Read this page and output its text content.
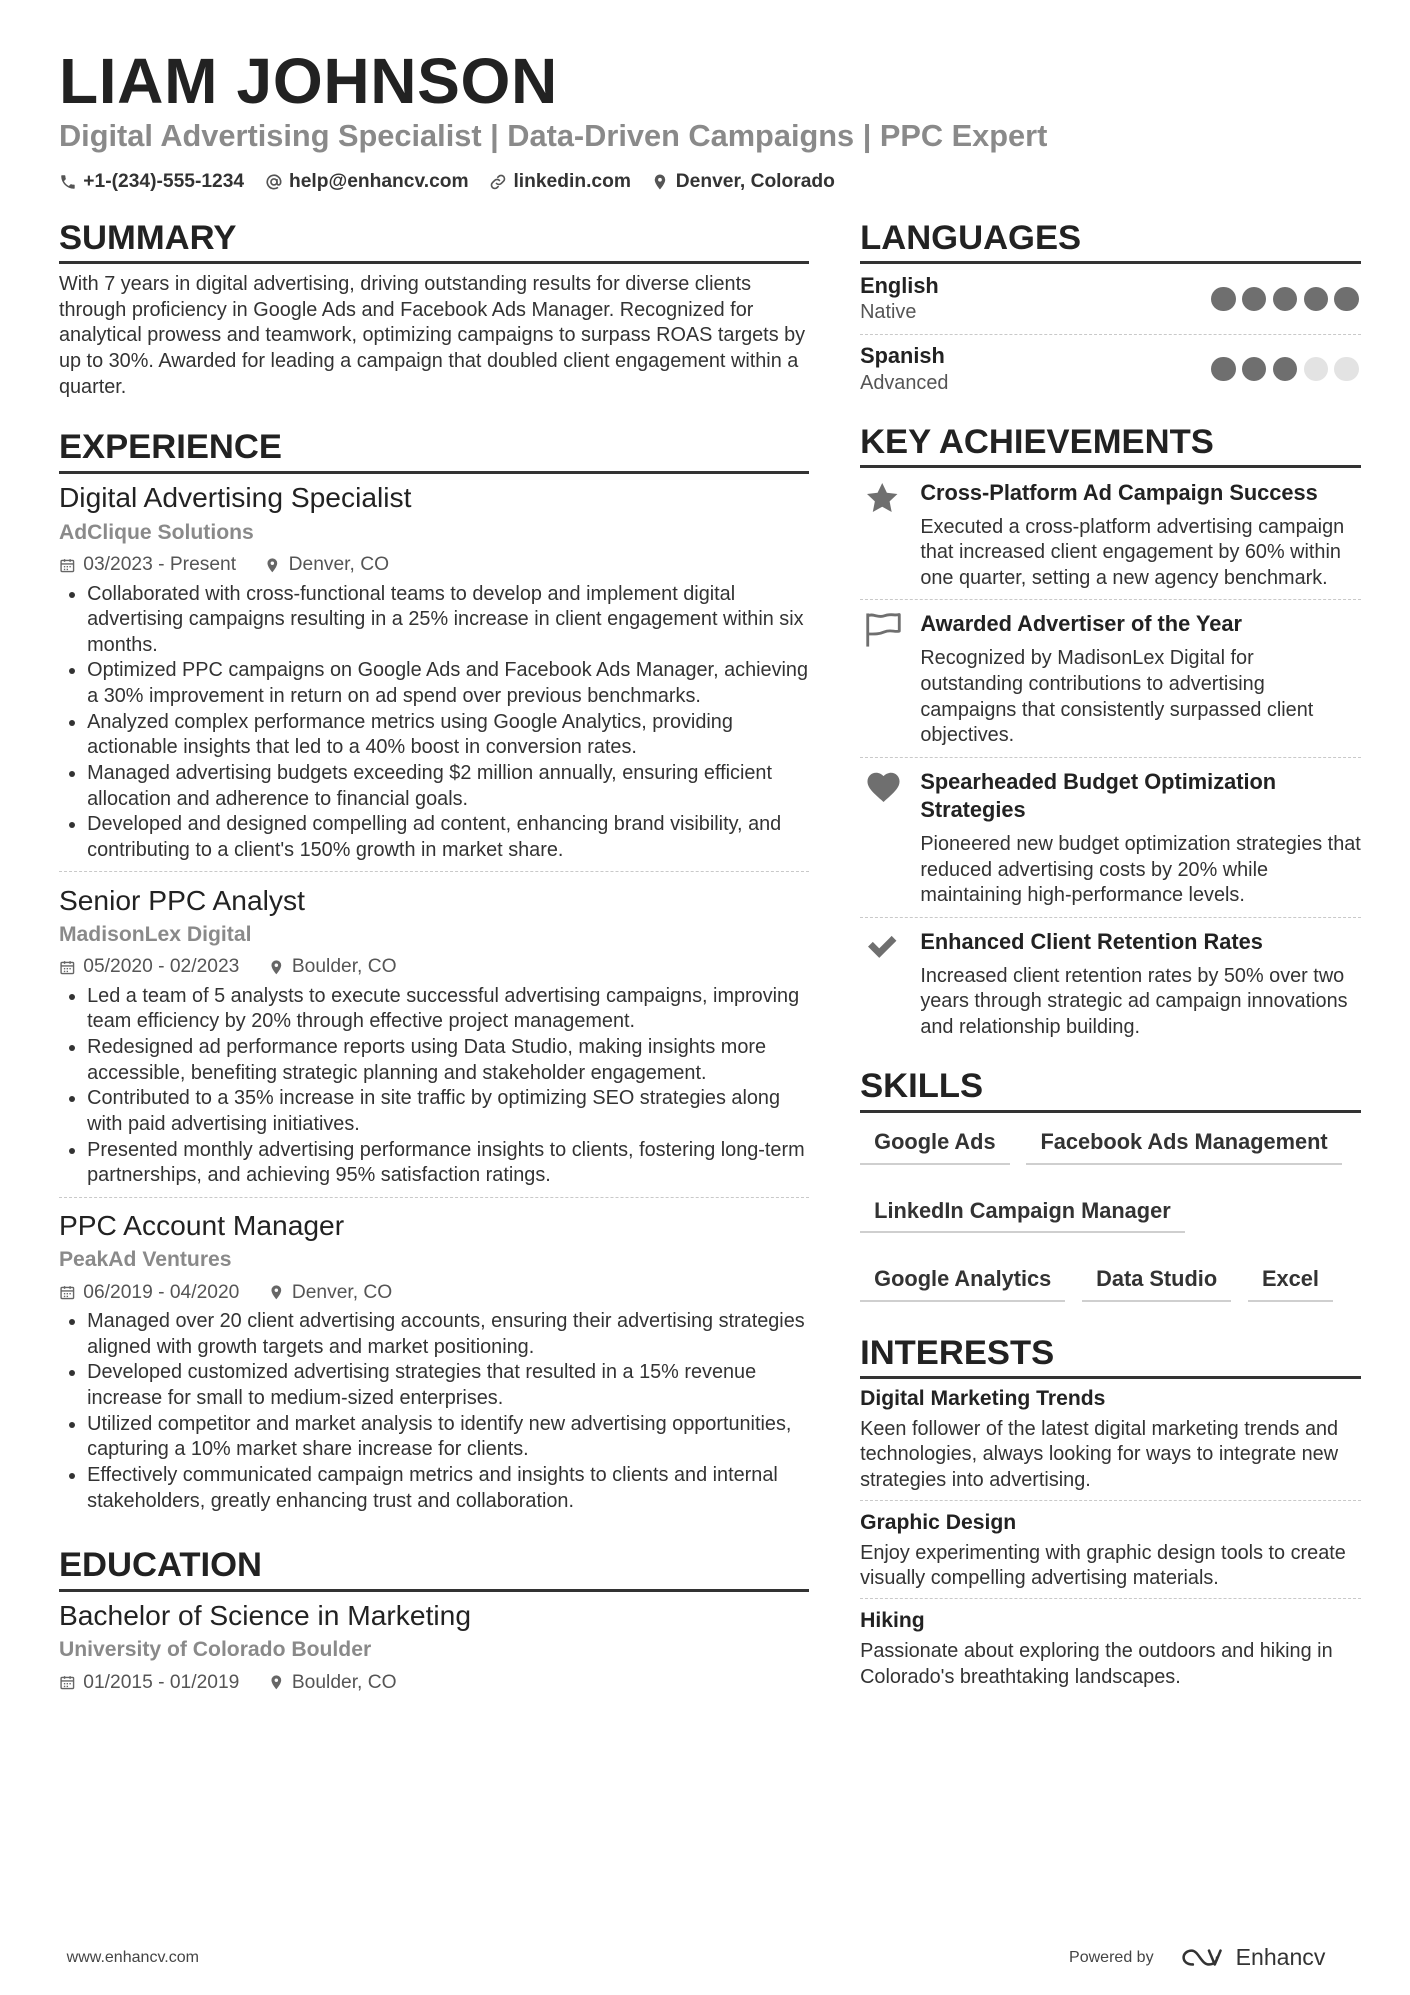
LIAM JOHNSON
Digital Advertising Specialist | Data-Driven Campaigns | PPC Expert
+1-(234)-555-1234	help@enhancv.com	linkedin.com	Denver, Colorado
SUMMARY
With 7 years in digital advertising, driving outstanding results for diverse clients through proficiency in Google Ads and Facebook Ads Manager. Recognized for analytical prowess and teamwork, optimizing campaigns to surpass ROAS targets by up to 30%. Awarded for leading a campaign that doubled client engagement within a quarter.
EXPERIENCE
Digital Advertising Specialist
AdClique Solutions
03/2023 - Present	Denver, CO
• Collaborated with cross-functional teams to develop and implement digital advertising campaigns resulting in a 25% increase in client engagement within six months.
• Optimized PPC campaigns on Google Ads and Facebook Ads Manager, achieving a 30% improvement in return on ad spend over previous benchmarks.
• Analyzed complex performance metrics using Google Analytics, providing actionable insights that led to a 40% boost in conversion rates.
• Managed advertising budgets exceeding $2 million annually, ensuring efficient allocation and adherence to financial goals.
• Developed and designed compelling ad content, enhancing brand visibility, and contributing to a client's 150% growth in market share.
Senior PPC Analyst
MadisonLex Digital
05/2020 - 02/2023	Boulder, CO
• Led a team of 5 analysts to execute successful advertising campaigns, improving team efficiency by 20% through effective project management.
• Redesigned ad performance reports using Data Studio, making insights more accessible, benefiting strategic planning and stakeholder engagement.
• Contributed to a 35% increase in site traffic by optimizing SEO strategies along with paid advertising initiatives.
• Presented monthly advertising performance insights to clients, fostering long-term partnerships, and achieving 95% satisfaction ratings.
PPC Account Manager
PeakAd Ventures
06/2019 - 04/2020	Denver, CO
• Managed over 20 client advertising accounts, ensuring their advertising strategies aligned with growth targets and market positioning.
• Developed customized advertising strategies that resulted in a 15% revenue increase for small to medium-sized enterprises.
• Utilized competitor and market analysis to identify new advertising opportunities, capturing a 10% market share increase for clients.
• Effectively communicated campaign metrics and insights to clients and internal stakeholders, greatly enhancing trust and collaboration.
EDUCATION
Bachelor of Science in Marketing
University of Colorado Boulder
01/2015 - 01/2019	Boulder, CO
LANGUAGES
English
Native
Spanish
Advanced
KEY ACHIEVEMENTS
Cross-Platform Ad Campaign Success
Executed a cross-platform advertising campaign that increased client engagement by 60% within one quarter, setting a new agency benchmark.
Awarded Advertiser of the Year
Recognized by MadisonLex Digital for outstanding contributions to advertising campaigns that consistently surpassed client objectives.
Spearheaded Budget Optimization Strategies
Pioneered new budget optimization strategies that reduced advertising costs by 20% while maintaining high-performance levels.
Enhanced Client Retention Rates
Increased client retention rates by 50% over two years through strategic ad campaign innovations and relationship building.
SKILLS
Google Ads	Facebook Ads Management
LinkedIn Campaign Manager
Google Analytics	Data Studio	Excel
INTERESTS
Digital Marketing Trends
Keen follower of the latest digital marketing trends and technologies, always looking for ways to integrate new strategies into advertising.
Graphic Design
Enjoy experimenting with graphic design tools to create visually compelling advertising materials.
Hiking
Passionate about exploring the outdoors and hiking in Colorado's breathtaking landscapes.
www.enhancv.com	Powered by	Enhancv
